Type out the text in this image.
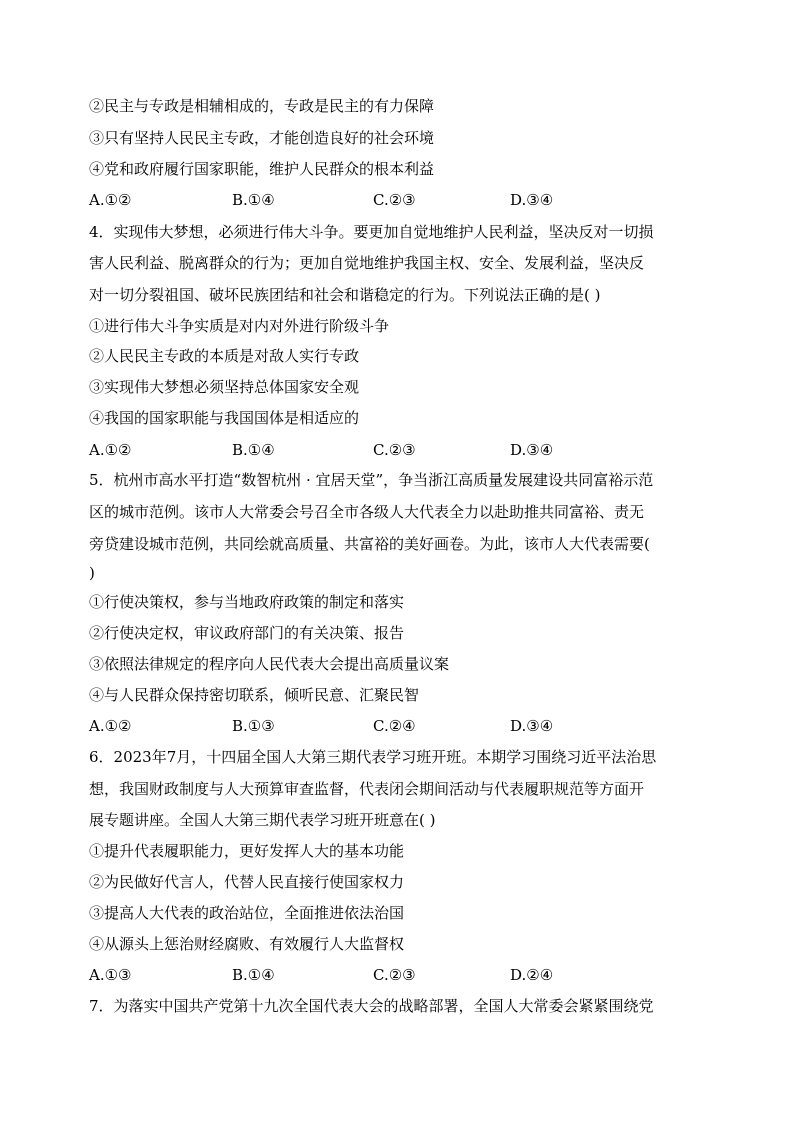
②民主与专政是相辅相成的，专政是民主的有力保障
③只有坚持人民民主专政，才能创造良好的社会环境
④党和政府履行国家职能，维护人民群众的根本利益
A.①②	B.①④	C.②③	D.③④
4．实现伟大梦想，必须进行伟大斗争。要更加自觉地维护人民利益，坚决反对一切损
害人民利益、脱离群众的行为；更加自觉地维护我国主权、安全、发展利益，坚决反
对一切分裂祖国、破坏民族团结和社会和谐稳定的行为。下列说法正确的是( )
①进行伟大斗争实质是对内对外进行阶级斗争
②人民民主专政的本质是对敌人实行专政
③实现伟大梦想必须坚持总体国家安全观
④我国的国家职能与我国国体是相适应的
A.①②	B.①④	C.②③	D.③④
5．杭州市高水平打造“数智杭州 · 宜居天堂”，争当浙江高质量发展建设共同富裕示范
区的城市范例。该市人大常委会号召全市各级人大代表全力以赴助推共同富裕、责无
旁贷建设城市范例，共同绘就高质量、共富裕的美好画卷。为此，该市人大代表需要(
)
①行使决策权，参与当地政府政策的制定和落实
②行使决定权，审议政府部门的有关决策、报告
③依照法律规定的程序向人民代表大会提出高质量议案
④与人民群众保持密切联系，倾听民意、汇聚民智
A.①②	B.①③	C.②④	D.③④
6．2023年7月，十四届全国人大第三期代表学习班开班。本期学习围绕习近平法治思
想，我国财政制度与人大预算审查监督，代表闭会期间活动与代表履职规范等方面开
展专题讲座。全国人大第三期代表学习班开班意在( )
①提升代表履职能力，更好发挥人大的基本功能
②为民做好代言人，代替人民直接行使国家权力
③提高人大代表的政治站位，全面推进依法治国
④从源头上惩治财经腐败、有效履行人大监督权
A.①③	B.①④	C.②③	D.②④
7．为落实中国共产党第十九次全国代表大会的战略部署，全国人大常委会紧紧围绕党
